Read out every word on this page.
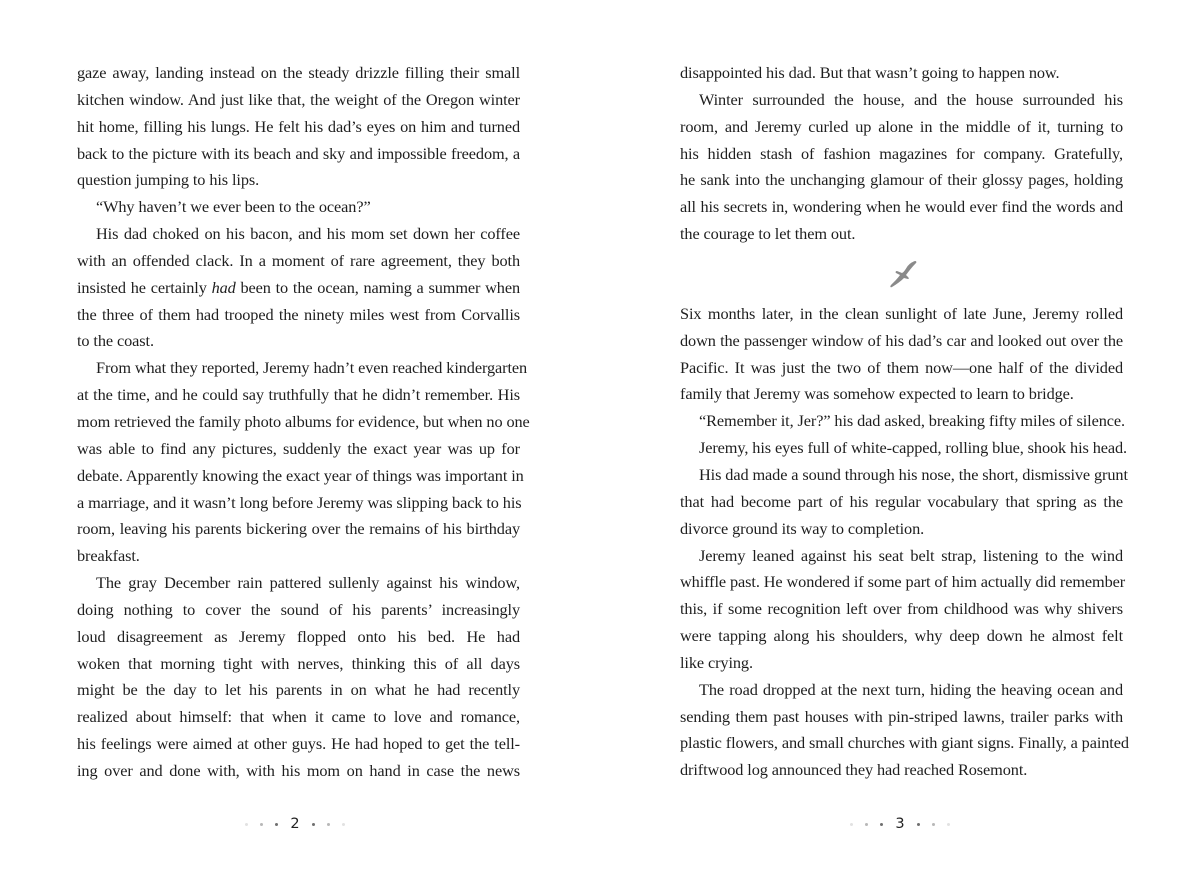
gaze away, landing instead on the steady drizzle filling their small
kitchen window. And just like that, the weight of the Oregon winter
hit home, filling his lungs. He felt his dad’s eyes on him and turned
back to the picture with its beach and sky and impossible freedom, a
question jumping to his lips.
“Why haven’t we ever been to the ocean?”
His dad choked on his bacon, and his mom set down her coffee
with an offended clack. In a moment of rare agreement, they both
insisted he certainly had been to the ocean, naming a summer when
the three of them had trooped the ninety miles west from Corvallis
to the coast.
From what they reported, Jeremy hadn’t even reached kindergarten
at the time, and he could say truthfully that he didn’t remember. His
mom retrieved the family photo albums for evidence, but when no one
was able to find any pictures, suddenly the exact year was up for
debate. Apparently knowing the exact year of things was important in
a marriage, and it wasn’t long before Jeremy was slipping back to his
room, leaving his parents bickering over the remains of his birthday
breakfast.
The gray December rain pattered sullenly against his window,
doing nothing to cover the sound of his parents’ increasingly
loud disagreement as Jeremy flopped onto his bed. He had
woken that morning tight with nerves, thinking this of all days
might be the day to let his parents in on what he had recently
realized about himself: that when it came to love and romance,
his feelings were aimed at other guys. He had hoped to get the tell-
ing over and done with, with his mom on hand in case the news
2
disappointed his dad. But that wasn’t going to happen now.
Winter surrounded the house, and the house surrounded his
room, and Jeremy curled up alone in the middle of it, turning to
his hidden stash of fashion magazines for company. Gratefully,
he sank into the unchanging glamour of their glossy pages, holding
all his secrets in, wondering when he would ever find the words and
the courage to let them out.
Six months later, in the clean sunlight of late June, Jeremy rolled
down the passenger window of his dad’s car and looked out over the
Pacific. It was just the two of them now—one half of the divided
family that Jeremy was somehow expected to learn to bridge.
“Remember it, Jer?” his dad asked, breaking fifty miles of silence.
Jeremy, his eyes full of white-capped, rolling blue, shook his head.
His dad made a sound through his nose, the short, dismissive grunt
that had become part of his regular vocabulary that spring as the
divorce ground its way to completion.
Jeremy leaned against his seat belt strap, listening to the wind
whiffle past. He wondered if some part of him actually did remember
this, if some recognition left over from childhood was why shivers
were tapping along his shoulders, why deep down he almost felt
like crying.
The road dropped at the next turn, hiding the heaving ocean and
sending them past houses with pin-striped lawns, trailer parks with
plastic flowers, and small churches with giant signs. Finally, a painted
driftwood log announced they had reached Rosemont.
3
